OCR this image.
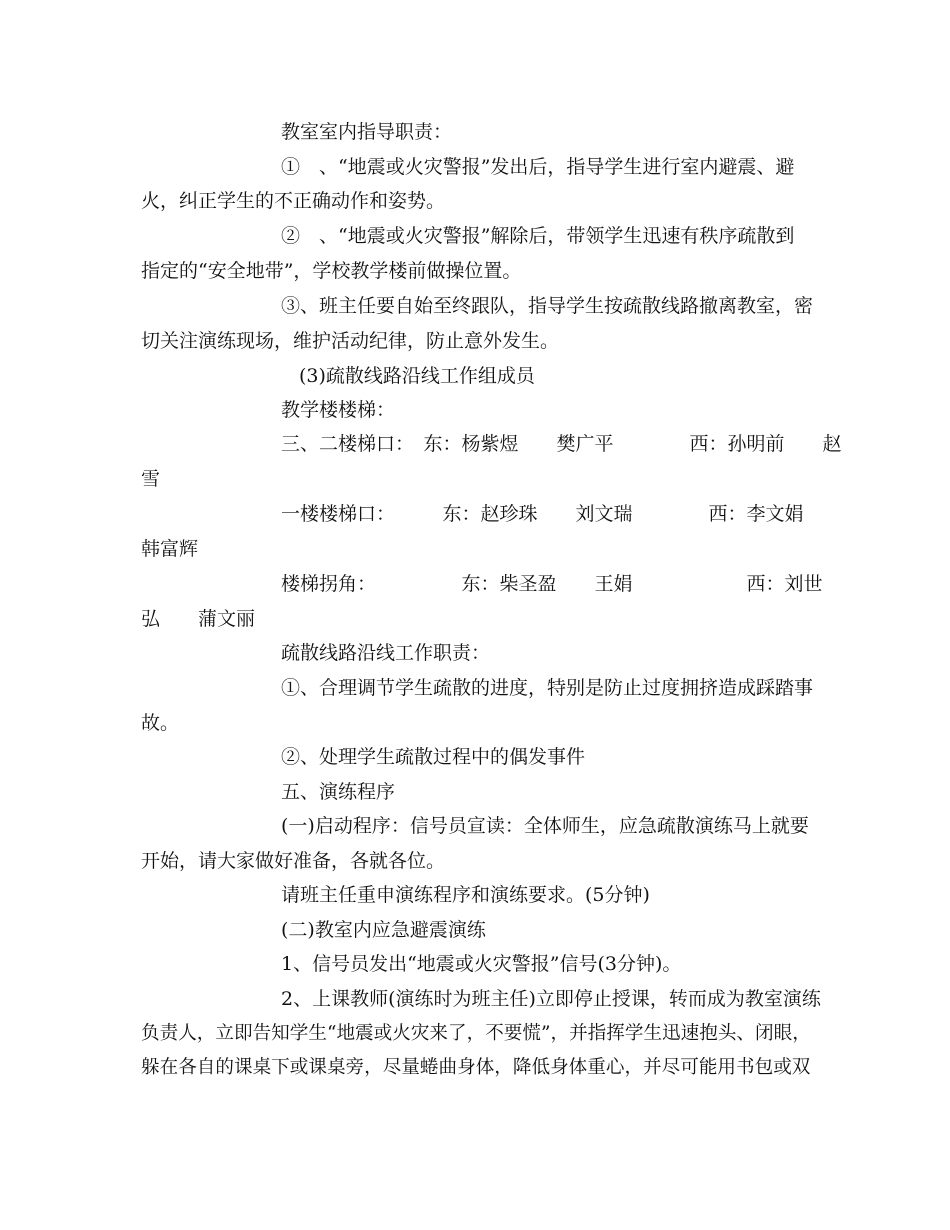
教室室内指导职责：
①　、“地震或火灾警报”发出后，指导学生进行室内避震、避
火，纠正学生的不正确动作和姿势。
②　、“地震或火灾警报”解除后，带领学生迅速有秩序疏散到
指定的“安全地带”，学校教学楼前做操位置。
③、班主任要自始至终跟队，指导学生按疏散线路撤离教室，密
切关注演练现场，维护活动纪律，防止意外发生。
(3)疏散线路沿线工作组成员
教学楼楼梯：
三、二楼梯口：　东：杨紫煜　　樊广平　　　　西：孙明前　　赵
雪
一楼楼梯口：　　　东：赵珍珠　　刘文瑞　　　　西：李文娟
韩富辉
楼梯拐角：　　　　　东：柴圣盈　　王娟　　　　　　西：刘世
弘　　蒲文丽
疏散线路沿线工作职责：
①、合理调节学生疏散的进度，特别是防止过度拥挤造成踩踏事
故。
②、处理学生疏散过程中的偶发事件
五、演练程序
(一)启动程序：信号员宣读：全体师生，应急疏散演练马上就要
开始，请大家做好准备，各就各位。
请班主任重申演练程序和演练要求。(5分钟)
(二)教室内应急避震演练
1、信号员发出“地震或火灾警报”信号(3分钟)。
2、上课教师(演练时为班主任)立即停止授课，转而成为教室演练
负责人，立即告知学生“地震或火灾来了，不要慌”，并指挥学生迅速抱头、闭眼，
躲在各自的课桌下或课桌旁，尽量蜷曲身体，降低身体重心，并尽可能用书包或双
